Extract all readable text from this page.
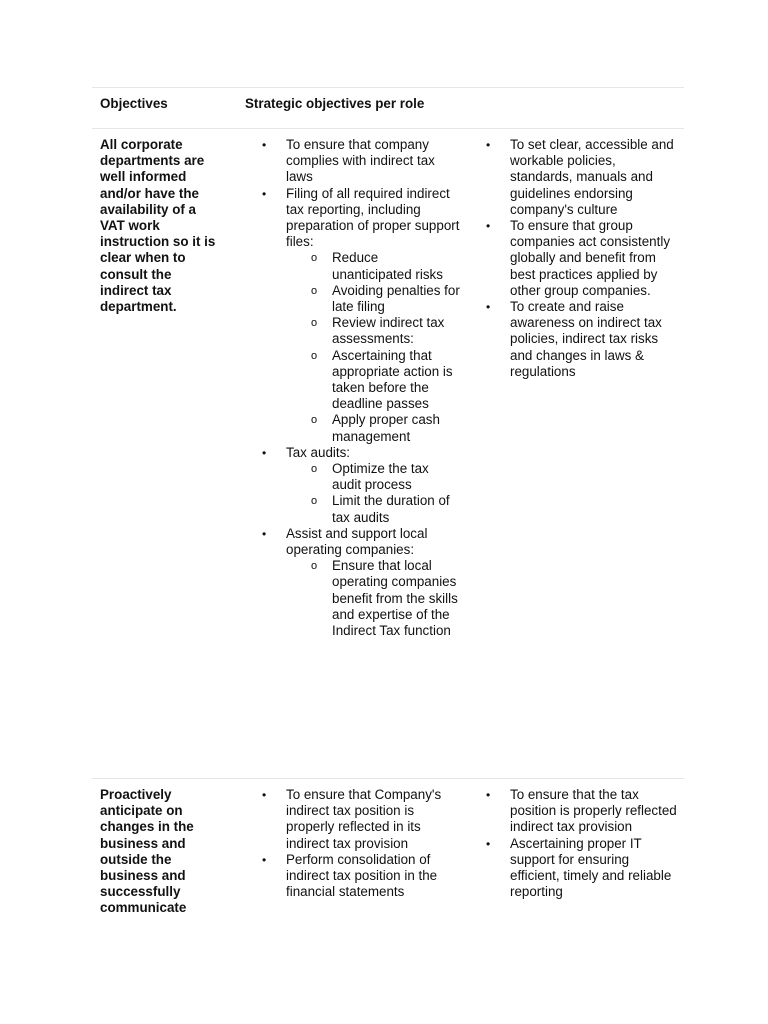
Objectives	Strategic objectives per role
All corporate departments are well informed and/or have the availability of a VAT work instruction so it is clear when to consult the indirect tax department.
• To ensure that company complies with indirect tax laws
• Filing of all required indirect tax reporting, including preparation of proper support files:
o Reduce unanticipated risks
o Avoiding penalties for late filing
o Review indirect tax assessments:
o Ascertaining that appropriate action is taken before the deadline passes
o Apply proper cash management
• Tax audits:
o Optimize the tax audit process
o Limit the duration of tax audits
• Assist and support local operating companies:
o Ensure that local operating companies benefit from the skills and expertise of the Indirect Tax function
• To set clear, accessible and workable policies, standards, manuals and guidelines endorsing company's culture
• To ensure that group companies act consistently globally and benefit from best practices applied by other group companies.
• To create and raise awareness on indirect tax policies, indirect tax risks and changes in laws & regulations
Proactively anticipate on changes in the business and outside the business and successfully communicate
• To ensure that Company's indirect tax position is properly reflected in its indirect tax provision
• Perform consolidation of indirect tax position in the financial statements
• To ensure that the tax position is properly reflected indirect tax provision
• Ascertaining proper IT support for ensuring efficient, timely and reliable reporting
